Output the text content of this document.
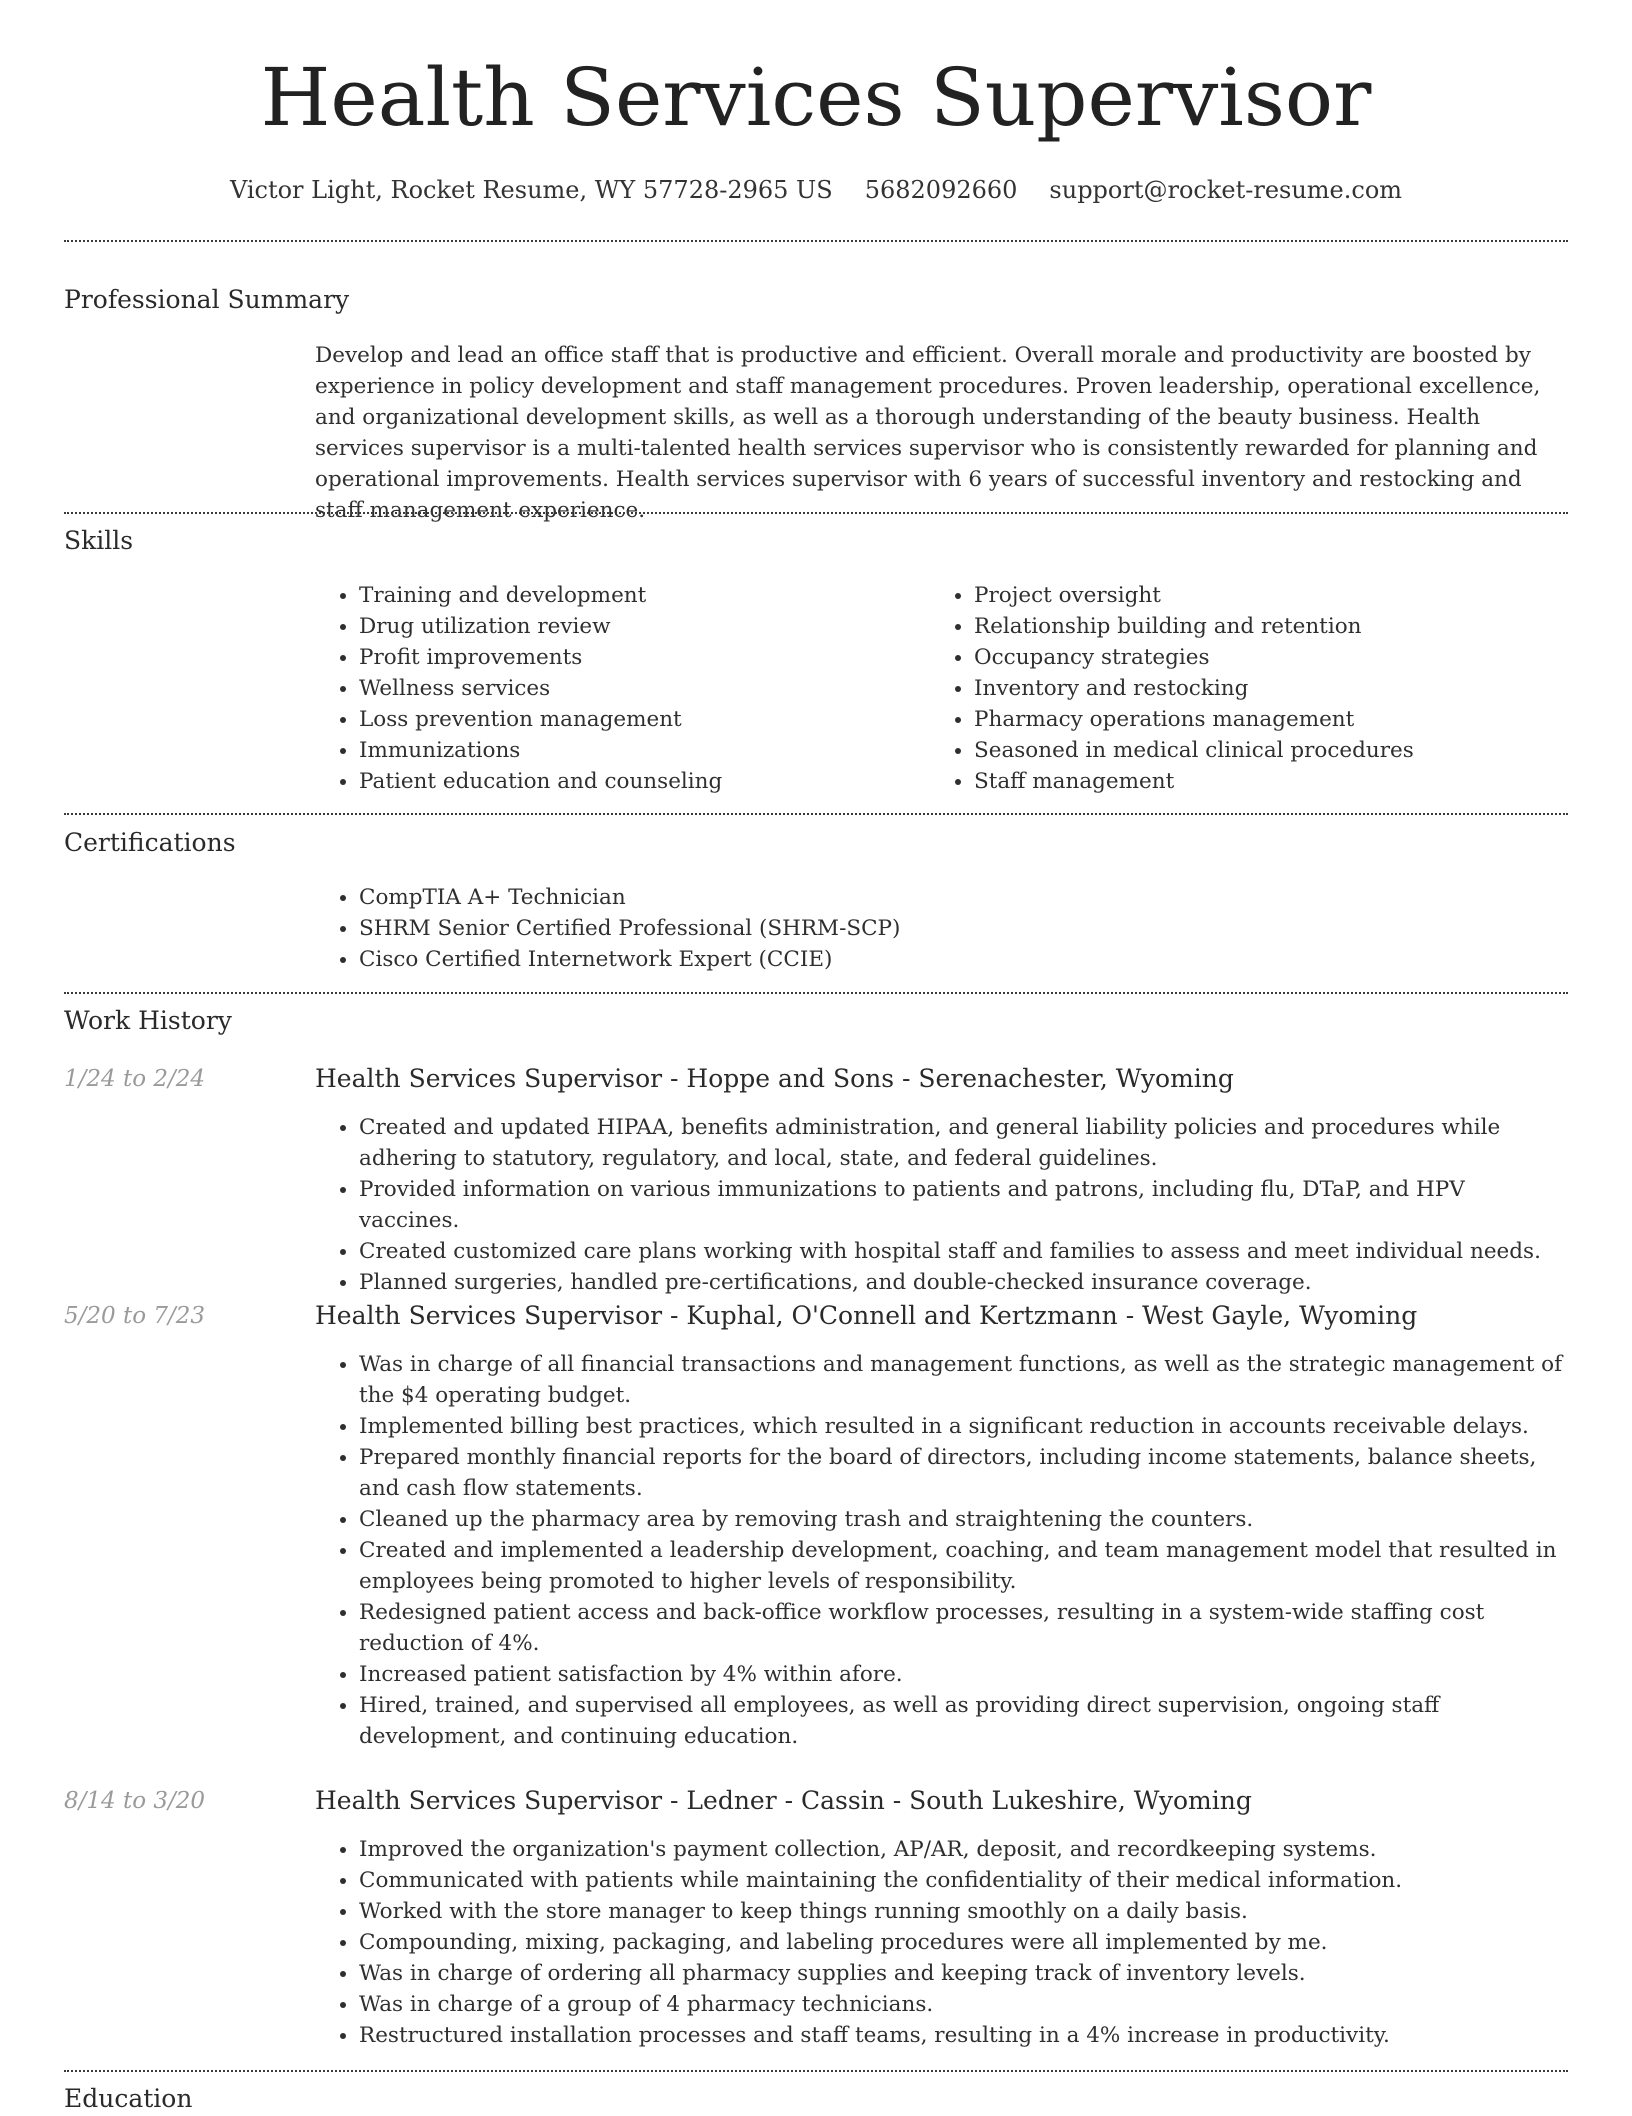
Health Services Supervisor
Victor Light, Rocket Resume, WY 57728-2965 US 5682092660 support@rocket-resume.com
Professional Summary

Develop and lead an office staff that is productive and efficient. Overall morale and productivity are boosted by experience in policy development and staff management procedures. Proven leadership, operational excellence, and organizational development skills, as well as a thorough understanding of the beauty business. Health services supervisor is a multi-talented health services supervisor who is consistently rewarded for planning and operational improvements. Health services supervisor with 6 years of successful inventory and restocking and staff management experience.

Skills
• Training and development
• Drug utilization review
• Profit improvements
• Wellness services
• Loss prevention management
• Immunizations
• Patient education and counseling
• Project oversight
• Relationship building and retention
• Occupancy strategies
• Inventory and restocking
• Pharmacy operations management
• Seasoned in medical clinical procedures
• Staff management
Certifications
• CompTIA A+ Technician
• SHRM Senior Certified Professional (SHRM-SCP)
• Cisco Certified Internetwork Expert (CCIE)
Work History
1/24 to 2/24	Health Services Supervisor - Hoppe and Sons - Serenachester, Wyoming
• Created and updated HIPAA, benefits administration, and general liability policies and procedures while adhering to statutory, regulatory, and local, state, and federal guidelines.
• Provided information on various immunizations to patients and patrons, including flu, DTaP, and HPV vaccines.
• Created customized care plans working with hospital staff and families to assess and meet individual needs.
• Planned surgeries, handled pre-certifications, and double-checked insurance coverage.
5/20 to 7/23	Health Services Supervisor - Kuphal, O'Connell and Kertzmann - West Gayle, Wyoming
• Was in charge of all financial transactions and management functions, as well as the strategic management of the $4 operating budget.
• Implemented billing best practices, which resulted in a significant reduction in accounts receivable delays.
• Prepared monthly financial reports for the board of directors, including income statements, balance sheets, and cash flow statements.
• Cleaned up the pharmacy area by removing trash and straightening the counters.
• Created and implemented a leadership development, coaching, and team management model that resulted in employees being promoted to higher levels of responsibility.
• Redesigned patient access and back-office workflow processes, resulting in a system-wide staffing cost reduction of 4%.
• Increased patient satisfaction by 4% within afore.
• Hired, trained, and supervised all employees, as well as providing direct supervision, ongoing staff development, and continuing education.
8/14 to 3/20	Health Services Supervisor - Ledner - Cassin - South Lukeshire, Wyoming
• Improved the organization's payment collection, AP/AR, deposit, and recordkeeping systems.
• Communicated with patients while maintaining the confidentiality of their medical information.
• Worked with the store manager to keep things running smoothly on a daily basis.
• Compounding, mixing, packaging, and labeling procedures were all implemented by me.
• Was in charge of ordering all pharmacy supplies and keeping track of inventory levels.
• Was in charge of a group of 4 pharmacy technicians.
• Restructured installation processes and staff teams, resulting in a 4% increase in productivity.
Education
